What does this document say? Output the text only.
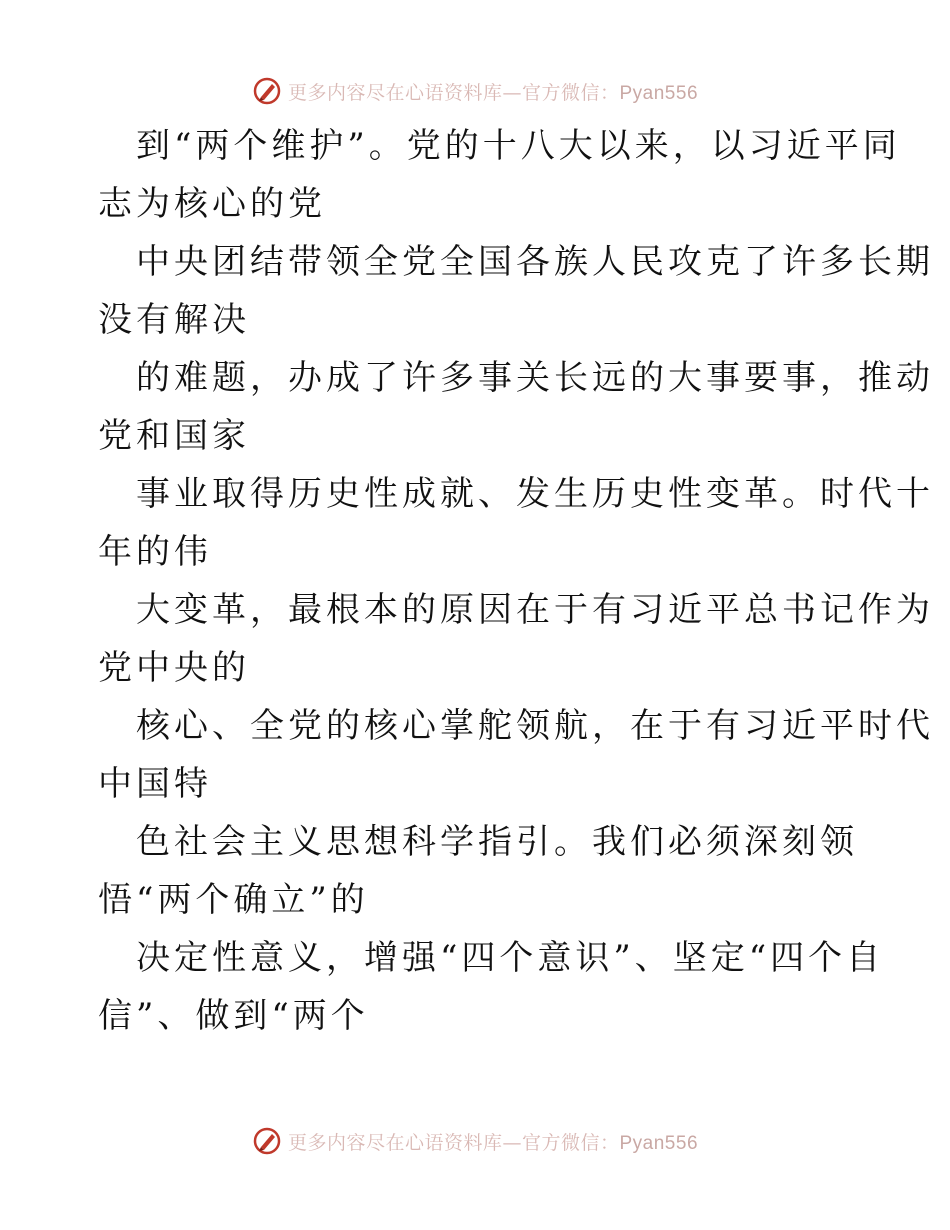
更多内容尽在心语资料库—官方微信：Pyan556
到“两个维护”。党的十八大以来，以习近平同
志为核心的党
中央团结带领全党全国各族人民攻克了许多长期
没有解决
的难题，办成了许多事关长远的大事要事，推动
党和国家
事业取得历史性成就、发生历史性变革。时代十
年的伟
大变革，最根本的原因在于有习近平总书记作为
党中央的
核心、全党的核心掌舵领航，在于有习近平时代
中国特
色社会主义思想科学指引。我们必须深刻领
悟“两个确立”的
决定性意义，增强“四个意识”、坚定“四个自
信”、做到“两个
更多内容尽在心语资料库—官方微信：Pyan556
